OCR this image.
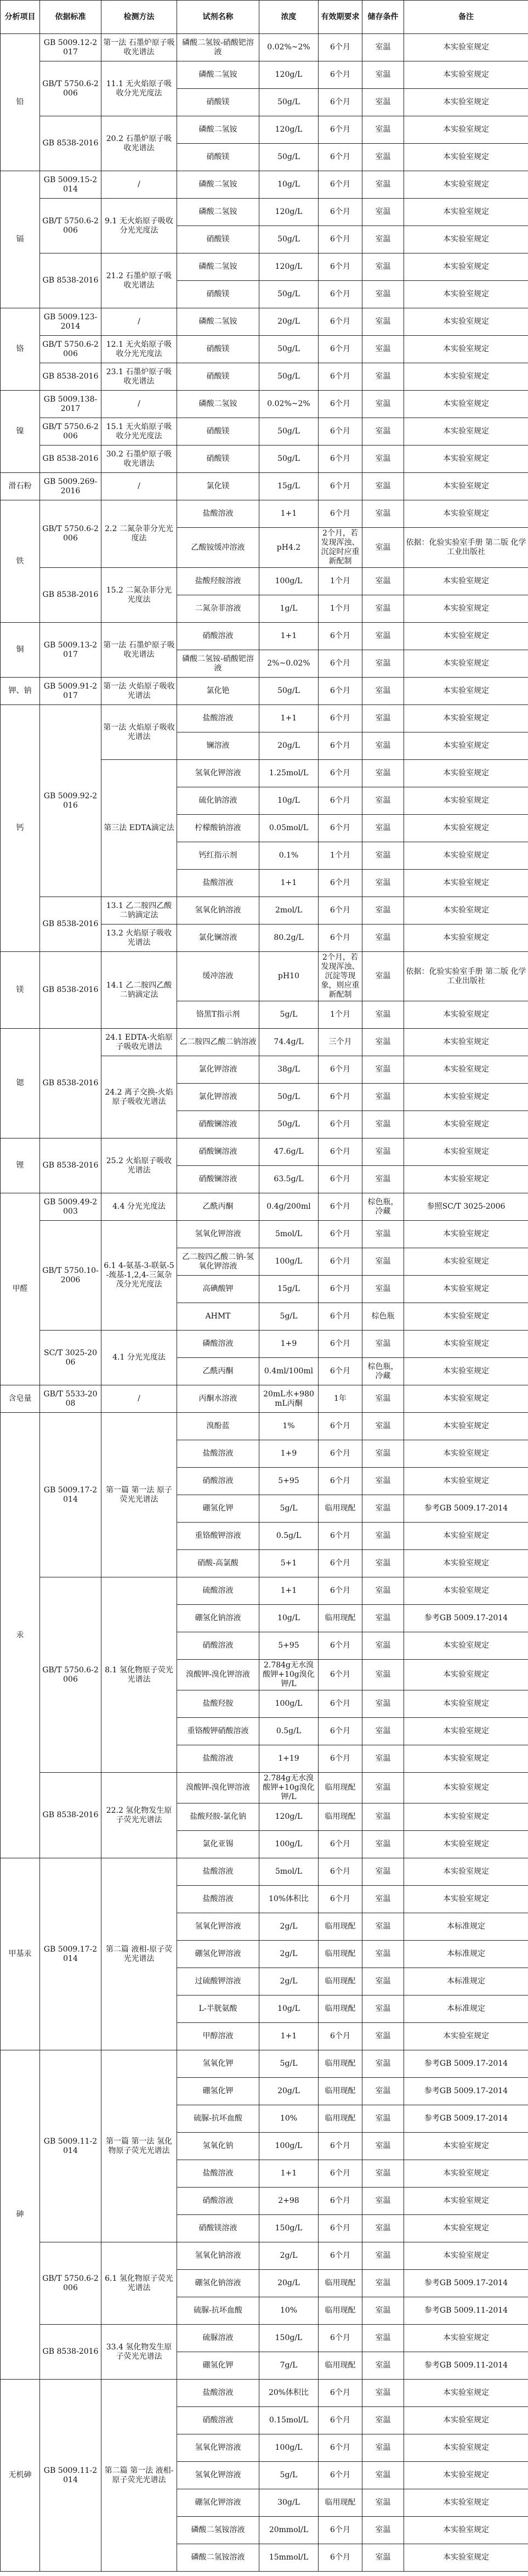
分析项目	依据标准	检测方法	试剂名称	浓度	有效期要求	储存条件	备注
铅	GB 5009.12-2017	第一法 石墨炉原子吸收光谱法	磷酸二氢铵-硝酸钯溶液	0.02%~2%	6个月	室温	本实验室规定
	GB/T 5750.6-2006	11.1 无火焰原子吸收分光光度法	磷酸二氢铵	120g/L	6个月	室温	本实验室规定
			硝酸镁	50g/L	6个月	室温	本实验室规定
	GB 8538-2016	20.2 石墨炉原子吸收光谱法	磷酸二氢铵	120g/L	6个月	室温	本实验室规定
			硝酸镁	50g/L	6个月	室温	本实验室规定
镉	GB 5009.15-2014	/	磷酸二氢铵	10g/L	6个月	室温	本实验室规定
	GB/T 5750.6-2006	9.1 无火焰原子吸收分光光度法	磷酸二氢铵	120g/L	6个月	室温	本实验室规定
			硝酸镁	50g/L	6个月	室温	本实验室规定
	GB 8538-2016	21.2 石墨炉原子吸收光谱法	磷酸二氢铵	120g/L	6个月	室温	本实验室规定
			硝酸镁	50g/L	6个月	室温	本实验室规定
铬	GB 5009.123-2014	/	磷酸二氢铵	20g/L	6个月	室温	本实验室规定
	GB/T 5750.6-2006	12.1 无火焰原子吸收分光光度法	硝酸镁	50g/L	6个月	室温	本实验室规定
	GB 8538-2016	23.1 石墨炉原子吸收光谱法	硝酸镁	50g/L	6个月	室温	本实验室规定
镍	GB 5009.138-2017	/	磷酸二氢铵	0.02%~2%	6个月	室温	本实验室规定
	GB/T 5750.6-2006	15.1 无火焰原子吸收分光光度法	硝酸镁	50g/L	6个月	室温	本实验室规定
	GB 8538-2016	30.2 石墨炉原子吸收光谱法	硝酸镁	50g/L	6个月	室温	本实验室规定
滑石粉	GB 5009.269-2016	/	氯化镁	15g/L	6个月	室温	本实验室规定
铁	GB/T 5750.6-2006	2.2 二氮杂菲分光光度法	盐酸溶液	1+1	6个月	室温	本实验室规定
			乙酸铵缓冲溶液	pH4.2	2个月，若发现浑浊、沉淀时应重新配制	室温	依据：化验实验室手册 第二版 化学工业出版社
	GB 8538-2016	15.2 二氮杂菲分光光度法	盐酸羟胺溶液	100g/L	1个月	室温	本实验室规定
			二氮杂菲溶液	1g/L	1个月	室温	本实验室规定
铜	GB 5009.13-2017	第一法 石墨炉原子吸收光谱法	硝酸溶液	1+1	6个月	室温	本实验室规定
			磷酸二氢铵-硝酸钯溶液	2%~0.02%	6个月	室温	本实验室规定
钾、钠	GB 5009.91-2017	第一法 火焰原子吸收光谱法	氯化铯	50g/L	6个月	室温	本实验室规定
钙	GB 5009.92-2016	第一法 火焰原子吸收光谱法	盐酸溶液	1+1	6个月	室温	本实验室规定
			镧溶液	20g/L	6个月	室温	本实验室规定
		第三法 EDTA滴定法	氢氧化钾溶液	1.25mol/L	6个月	室温	本实验室规定
			硫化钠溶液	10g/L	6个月	室温	本实验室规定
			柠檬酸钠溶液	0.05mol/L	6个月	室温	本实验室规定
			钙红指示剂	0.1%	1个月	室温	本实验室规定
			盐酸溶液	1+1	6个月	室温	本实验室规定
	GB 8538-2016	13.1 乙二胺四乙酸二钠滴定法	氢氧化钠溶液	2mol/L	6个月	室温	本实验室规定
		13.2 火焰原子吸收光谱法	氯化镧溶液	80.2g/L	6个月	室温	本实验室规定
镁	GB 8538-2016	14.1 乙二胺四乙酸二钠滴定法	缓冲溶液	pH10	2个月，若发现浑浊、沉淀等现象，则应重新配制	室温	依据：化验实验室手册 第二版 化学工业出版社
			铬黑T指示剂	5g/L	1个月	室温	本实验室规定
锶	GB 8538-2016	24.1 EDTA-火焰原子吸收光谱法	乙二胺四乙酸二钠溶液	74.4g/L	三个月	室温	本实验室规定
		24.2 离子交换-火焰原子吸收光谱法	氯化钾溶液	38g/L	6个月	室温	本实验室规定
			氯化钾溶液	50g/L	6个月	室温	本实验室规定
			硝酸镧溶液	50g/L	6个月	室温	本实验室规定
锂	GB 8538-2016	25.2 火焰原子吸收光谱法	硝酸镧溶液	47.6g/L	6个月	室温	本实验室规定
			硝酸镧溶液	63.5g/L	6个月	室温	本实验室规定
甲醛	GB 5009.49-2003	4.4 分光光度法	乙酰丙酮	0.4g/200ml	6个月	棕色瓶，冷藏	参照SC/T 3025-2006
	GB/T 5750.10-2006	6.1 4-氨基-3-联氨-5-巯基-1,2,4-三氮杂茂分光光度法	氢氧化钾溶液	5mol/L	6个月	室温	本实验室规定
			乙二胺四乙酸二钠-氢氧化钾溶液	100g/L	6个月	室温	本实验室规定
			高碘酸钾	15g/L	6个月	室温	本实验室规定
			AHMT	5g/L	6个月	棕色瓶	本实验室规定
	SC/T 3025-2006	4.1 分光光度法	磷酸溶液	1+9	6个月	室温	本实验室规定
			乙酰丙酮	0.4ml/100ml	6个月	棕色瓶，冷藏	本实验室规定
含皂量	GB/T 5533-2008	/	丙酮水溶液	20mL水+980mL丙酮	1年	室温	本实验室规定
汞	GB 5009.17-2014	第一篇 第一法 原子荧光光谱法	溴酚蓝	1%	6个月	室温	本实验室规定
			盐酸溶液	1+9	6个月	室温	本实验室规定
			硝酸溶液	5+95	6个月	室温	本实验室规定
			硼氢化钾	5g/L	临用现配	室温	参考GB 5009.17-2014
			重铬酸钾溶液	0.5g/L	6个月	室温	本实验室规定
			硝酸-高氯酸	5+1	6个月	室温	本实验室规定
	GB/T 5750.6-2006	8.1 氢化物原子荧光光谱法	硫酸溶液	1+1	6个月	室温	本实验室规定
			硼氢化钠溶液	10g/L	临用现配	室温	参考GB 5009.17-2014
			硝酸溶液	5+95	6个月	室温	本实验室规定
			溴酸钾-溴化钾溶液	2.784g无水溴酸钾+10g溴化钾/L	6个月	室温	本实验室规定
			盐酸羟胺	100g/L	6个月	室温	本实验室规定
			重铬酸钾硝酸溶液	0.5g/L	6个月	室温	本实验室规定
			盐酸溶液	1+19	6个月	室温	本实验室规定
	GB 8538-2016	22.2 氢化物发生原子荧光光谱法	溴酸钾-溴化钾溶液	2.784g无水溴酸钾+10g溴化钾/L	临用现配	室温	本实验室规定
			盐酸羟胺-氯化钠	120g/L	临用现配	室温	本实验室规定
			氯化亚锡	100g/L	6个月	室温	本实验室规定
甲基汞	GB 5009.17-2014	第二篇 液相-原子荧光光谱法	盐酸溶液	5mol/L	6个月	室温	本实验室规定
			盐酸溶液	10%体积比	6个月	室温	本实验室规定
			氢氧化钾溶液	2g/L	临用现配	室温	本标准规定
			硼氢化钾溶液	2g/L	临用现配	室温	本标准规定
			过硫酸钾溶液	2g/L	临用现配	室温	本标准规定
			L-半胱氨酸	10g/L	临用现配	室温	本标准规定
			甲醇溶液	1+1	6个月	室温	本实验室规定
砷	GB 5009.11-2014	第一篇 第一法 氢化物原子荧光光谱法	氢氧化钾	5g/L	临用现配	室温	参考GB 5009.17-2014
			硼氢化钾	20g/L	临用现配	室温	参考GB 5009.17-2014
			硫脲-抗坏血酸	10%	临用现配	室温	参考GB 5009.17-2014
			氢氧化钠	100g/L	6个月	室温	本实验室规定
			盐酸溶液	1+1	6个月	室温	本实验室规定
			硝酸溶液	2+98	6个月	室温	本实验室规定
			硝酸镁溶液	150g/L	6个月	室温	本实验室规定
	GB/T 5750.6-2006	6.1 氢化物原子荧光光谱法	氢氧化钠溶液	2g/L	6个月	室温	本实验室规定
			硼氢化钠溶液	20g/L	临用现配	室温	参考GB 5009.17-2014
			硫脲-抗坏血酸	10%	临用现配	室温	参考GB 5009.11-2014
	GB 8538-2016	33.4 氢化物发生原子荧光光谱法	硫脲溶液	150g/L	6个月	室温	本实验室规定
			硼氢化钾	7g/L	临用现配	室温	参考GB 5009.11-2014
无机砷	GB 5009.11-2014	第二篇 第一法 液相-原子荧光光谱法	盐酸溶液	20%体积比	6个月	室温	本实验室规定
			硝酸溶液	0.15mol/L	6个月	室温	本实验室规定
			氢氧化钾溶液	100g/L	6个月	室温	本实验室规定
			氢氧化钾溶液	5g/L	6个月	室温	本实验室规定
			硼氢化钾溶液	30g/L	临用现配	室温	本实验室规定
			磷酸二氢铵溶液	20mmol/L	6个月	室温	本实验室规定
			磷酸二氢铵溶液	15mmol/L	6个月	室温	本实验室规定
